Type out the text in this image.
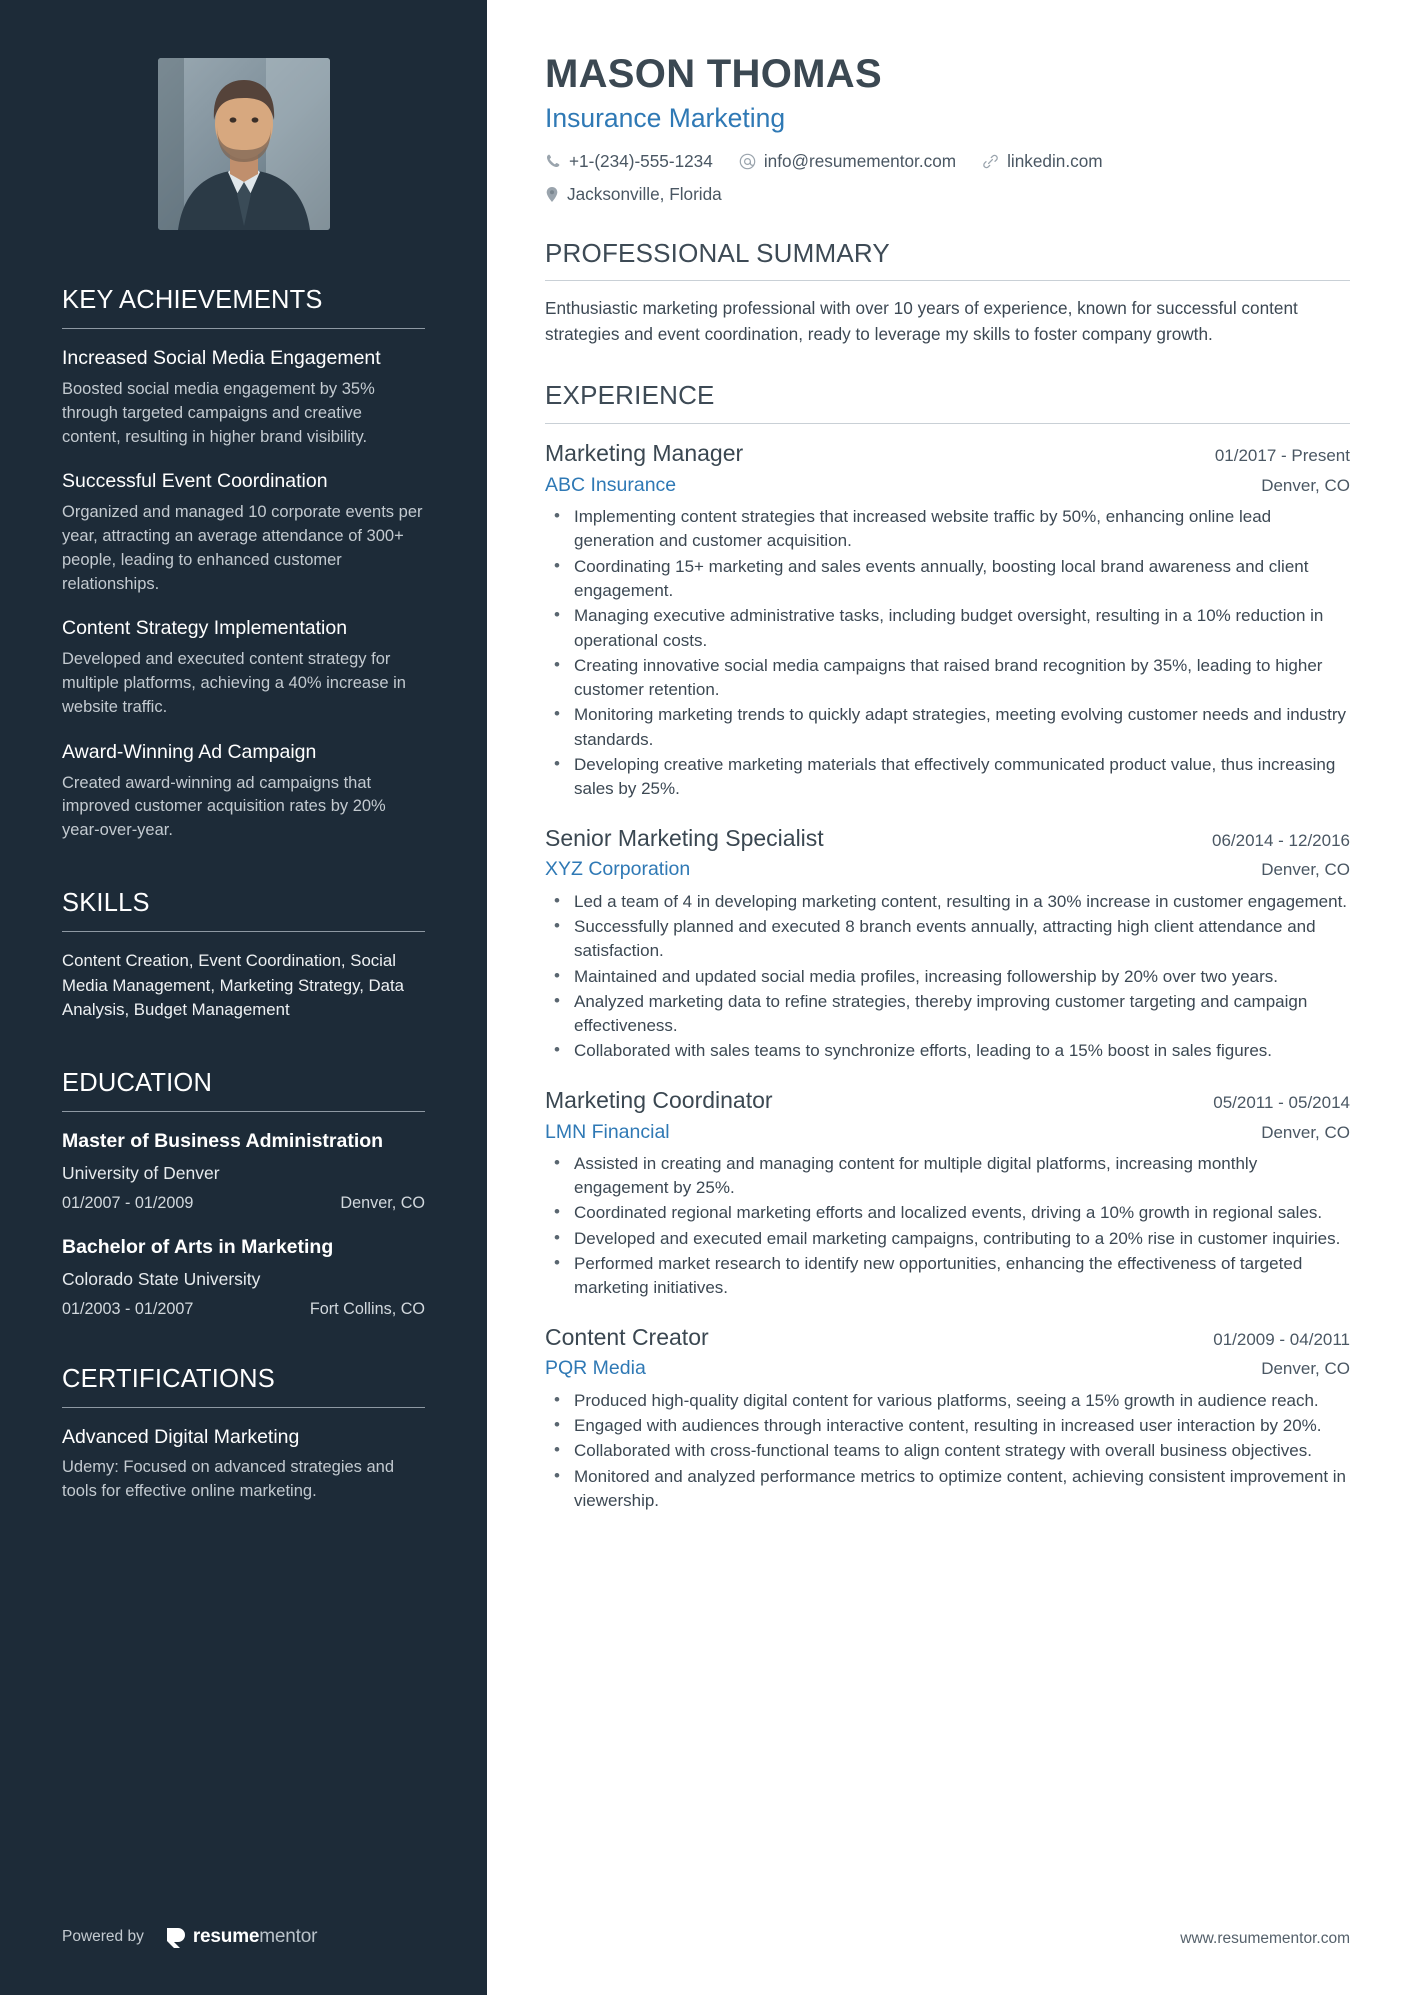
KEY ACHIEVEMENTS
Increased Social Media Engagement
Boosted social media engagement by 35% through targeted campaigns and creative content, resulting in higher brand visibility.
Successful Event Coordination
Organized and managed 10 corporate events per year, attracting an average attendance of 300+ people, leading to enhanced customer relationships.
Content Strategy Implementation
Developed and executed content strategy for multiple platforms, achieving a 40% increase in website traffic.
Award-Winning Ad Campaign
Created award-winning ad campaigns that improved customer acquisition rates by 20% year-over-year.
SKILLS
Content Creation, Event Coordination, Social Media Management, Marketing Strategy, Data Analysis, Budget Management
EDUCATION
Master of Business Administration
University of Denver
01/2007 - 01/2009	Denver, CO
Bachelor of Arts in Marketing
Colorado State University
01/2003 - 01/2007	Fort Collins, CO
CERTIFICATIONS
Advanced Digital Marketing
Udemy: Focused on advanced strategies and tools for effective online marketing.
Powered by	resumementor
MASON THOMAS
Insurance Marketing
+1-(234)-555-1234	info@resumementor.com	linkedin.com
Jacksonville, Florida
PROFESSIONAL SUMMARY

Enthusiastic marketing professional with over 10 years of experience, known for successful content strategies and event coordination, ready to leverage my skills to foster company growth.

EXPERIENCE
Marketing Manager	01/2017 - Present
ABC Insurance	Denver, CO
• Implementing content strategies that increased website traffic by 50%, enhancing online lead generation and customer acquisition.
• Coordinating 15+ marketing and sales events annually, boosting local brand awareness and client engagement.
• Managing executive administrative tasks, including budget oversight, resulting in a 10% reduction in operational costs.
• Creating innovative social media campaigns that raised brand recognition by 35%, leading to higher customer retention.
• Monitoring marketing trends to quickly adapt strategies, meeting evolving customer needs and industry standards.
• Developing creative marketing materials that effectively communicated product value, thus increasing sales by 25%.
Senior Marketing Specialist	06/2014 - 12/2016
XYZ Corporation	Denver, CO
• Led a team of 4 in developing marketing content, resulting in a 30% increase in customer engagement.
• Successfully planned and executed 8 branch events annually, attracting high client attendance and satisfaction.
• Maintained and updated social media profiles, increasing followership by 20% over two years.
• Analyzed marketing data to refine strategies, thereby improving customer targeting and campaign effectiveness.
• Collaborated with sales teams to synchronize efforts, leading to a 15% boost in sales figures.
Marketing Coordinator	05/2011 - 05/2014
LMN Financial	Denver, CO
• Assisted in creating and managing content for multiple digital platforms, increasing monthly engagement by 25%.
• Coordinated regional marketing efforts and localized events, driving a 10% growth in regional sales.
• Developed and executed email marketing campaigns, contributing to a 20% rise in customer inquiries.
• Performed market research to identify new opportunities, enhancing the effectiveness of targeted marketing initiatives.
Content Creator	01/2009 - 04/2011
PQR Media	Denver, CO
• Produced high-quality digital content for various platforms, seeing a 15% growth in audience reach.
• Engaged with audiences through interactive content, resulting in increased user interaction by 20%.
• Collaborated with cross-functional teams to align content strategy with overall business objectives.
• Monitored and analyzed performance metrics to optimize content, achieving consistent improvement in viewership.
www.resumementor.com
